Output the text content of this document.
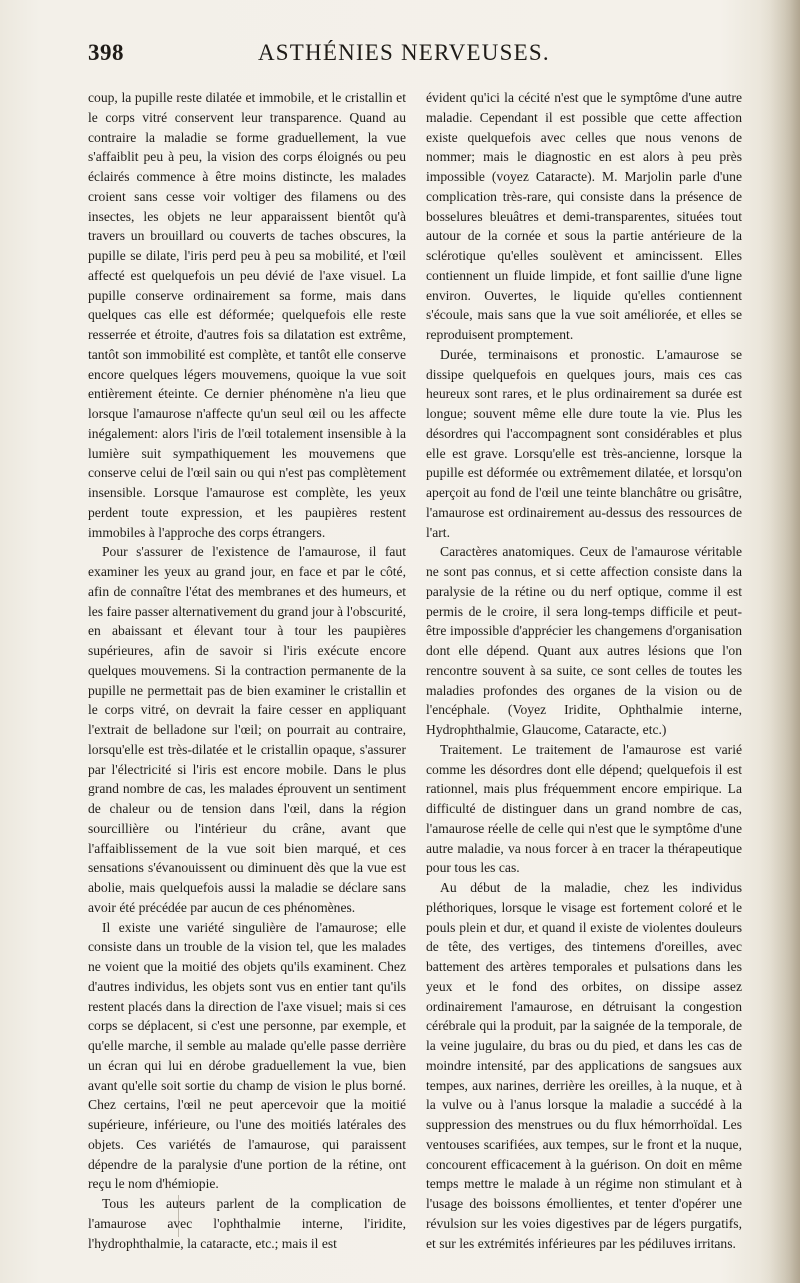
398	ASTHÉNIES NERVEUSES.

coup, la pupille reste dilatée et immobile, et le cristallin et le corps vitré conservent leur transparence. Quand au contraire la maladie se forme graduellement, la vue s'affaiblit peu à peu, la vision des corps éloignés ou peu éclairés commence à être moins distincte, les malades croient sans cesse voir voltiger des filamens ou des insectes, les objets ne leur apparaissent bientôt qu'à travers un brouillard ou couverts de taches obscures, la pupille se dilate, l'iris perd peu à peu sa mobilité, et l'œil affecté est quelquefois un peu dévié de l'axe visuel. La pupille conserve ordinairement sa forme, mais dans quelques cas elle est déformée; quelquefois elle reste resserrée et étroite, d'autres fois sa dilatation est extrême, tantôt son immobilité est complète, et tantôt elle conserve encore quelques légers mouvemens, quoique la vue soit entièrement éteinte. Ce dernier phénomène n'a lieu que lorsque l'amaurose n'affecte qu'un seul œil ou les affecte inégalement: alors l'iris de l'œil totalement insensible à la lumière suit sympathiquement les mouvemens que conserve celui de l'œil sain ou qui n'est pas complètement insensible. Lorsque l'amaurose est complète, les yeux perdent toute expression, et les paupières restent immobiles à l'approche des corps étrangers.

Pour s'assurer de l'existence de l'amaurose, il faut examiner les yeux au grand jour, en face et par le côté, afin de connaître l'état des membranes et des humeurs, et les faire passer alternativement du grand jour à l'obscurité, en abaissant et élevant tour à tour les paupières supérieures, afin de savoir si l'iris exécute encore quelques mouvemens. Si la contraction permanente de la pupille ne permettait pas de bien examiner le cristallin et le corps vitré, on devrait la faire cesser en appliquant l'extrait de belladone sur l'œil; on pourrait au contraire, lorsqu'elle est très-dilatée et le cristallin opaque, s'assurer par l'électricité si l'iris est encore mobile. Dans le plus grand nombre de cas, les malades éprouvent un sentiment de chaleur ou de tension dans l'œil, dans la région sourcillière ou l'intérieur du crâne, avant que l'affaiblissement de la vue soit bien marqué, et ces sensations s'évanouissent ou diminuent dès que la vue est abolie, mais quelquefois aussi la maladie se déclare sans avoir été précédée par aucun de ces phénomènes.

Il existe une variété singulière de l'amaurose; elle consiste dans un trouble de la vision tel, que les malades ne voient que la moitié des objets qu'ils examinent. Chez d'autres individus, les objets sont vus en entier tant qu'ils restent placés dans la direction de l'axe visuel; mais si ces corps se déplacent, si c'est une personne, par exemple, et qu'elle marche, il semble au malade qu'elle passe derrière un écran qui lui en dérobe graduellement la vue, bien avant qu'elle soit sortie du champ de vision le plus borné. Chez certains, l'œil ne peut apercevoir que la moitié supérieure, inférieure, ou l'une des moitiés latérales des objets. Ces variétés de l'amaurose, qui paraissent dépendre de la paralysie d'une portion de la rétine, ont reçu le nom d'hémiopie.

Tous les auteurs parlent de la complication de l'amaurose avec l'ophthalmie interne, l'iridite, l'hydrophthalmie, la cataracte, etc.; mais il est

évident qu'ici la cécité n'est que le symptôme d'une autre maladie. Cependant il est possible que cette affection existe quelquefois avec celles que nous venons de nommer; mais le diagnostic en est alors à peu près impossible (voyez Cataracte). M. Marjolin parle d'une complication très-rare, qui consiste dans la présence de bosselures bleuâtres et demi-transparentes, situées tout autour de la cornée et sous la partie antérieure de la sclérotique qu'elles soulèvent et amincissent. Elles contiennent un fluide limpide, et font saillie d'une ligne environ. Ouvertes, le liquide qu'elles contiennent s'écoule, mais sans que la vue soit améliorée, et elles se reproduisent promptement.

Durée, terminaisons et pronostic. L'amaurose se dissipe quelquefois en quelques jours, mais ces cas heureux sont rares, et le plus ordinairement sa durée est longue; souvent même elle dure toute la vie. Plus les désordres qui l'accompagnent sont considérables et plus elle est grave. Lorsqu'elle est très-ancienne, lorsque la pupille est déformée ou extrêmement dilatée, et lorsqu'on aperçoit au fond de l'œil une teinte blanchâtre ou grisâtre, l'amaurose est ordinairement au-dessus des ressources de l'art.

Caractères anatomiques. Ceux de l'amaurose véritable ne sont pas connus, et si cette affection consiste dans la paralysie de la rétine ou du nerf optique, comme il est permis de le croire, il sera long-temps difficile et peut-être impossible d'apprécier les changemens d'organisation dont elle dépend. Quant aux autres lésions que l'on rencontre souvent à sa suite, ce sont celles de toutes les maladies profondes des organes de la vision ou de l'encéphale. (Voyez Iridite, Ophthalmie interne, Hydrophthalmie, Glaucome, Cataracte, etc.)

Traitement. Le traitement de l'amaurose est varié comme les désordres dont elle dépend; quelquefois il est rationnel, mais plus fréquemment encore empirique. La difficulté de distinguer dans un grand nombre de cas, l'amaurose réelle de celle qui n'est que le symptôme d'une autre maladie, va nous forcer à en tracer la thérapeutique pour tous les cas.

Au début de la maladie, chez les individus pléthoriques, lorsque le visage est fortement coloré et le pouls plein et dur, et quand il existe de violentes douleurs de tête, des vertiges, des tintemens d'oreilles, avec battement des artères temporales et pulsations dans les yeux et le fond des orbites, on dissipe assez ordinairement l'amaurose, en détruisant la congestion cérébrale qui la produit, par la saignée de la temporale, de la veine jugulaire, du bras ou du pied, et dans les cas de moindre intensité, par des applications de sangsues aux tempes, aux narines, derrière les oreilles, à la nuque, et à la vulve ou à l'anus lorsque la maladie a succédé à la suppression des menstrues ou du flux hémorrhoïdal. Les ventouses scarifiées, aux tempes, sur le front et la nuque, concourent efficacement à la guérison. On doit en même temps mettre le malade à un régime non stimulant et à l'usage des boissons émollientes, et tenter d'opérer une révulsion sur les voies digestives par de légers purgatifs, et sur les extrémités inférieures par les pédiluves irritans.
